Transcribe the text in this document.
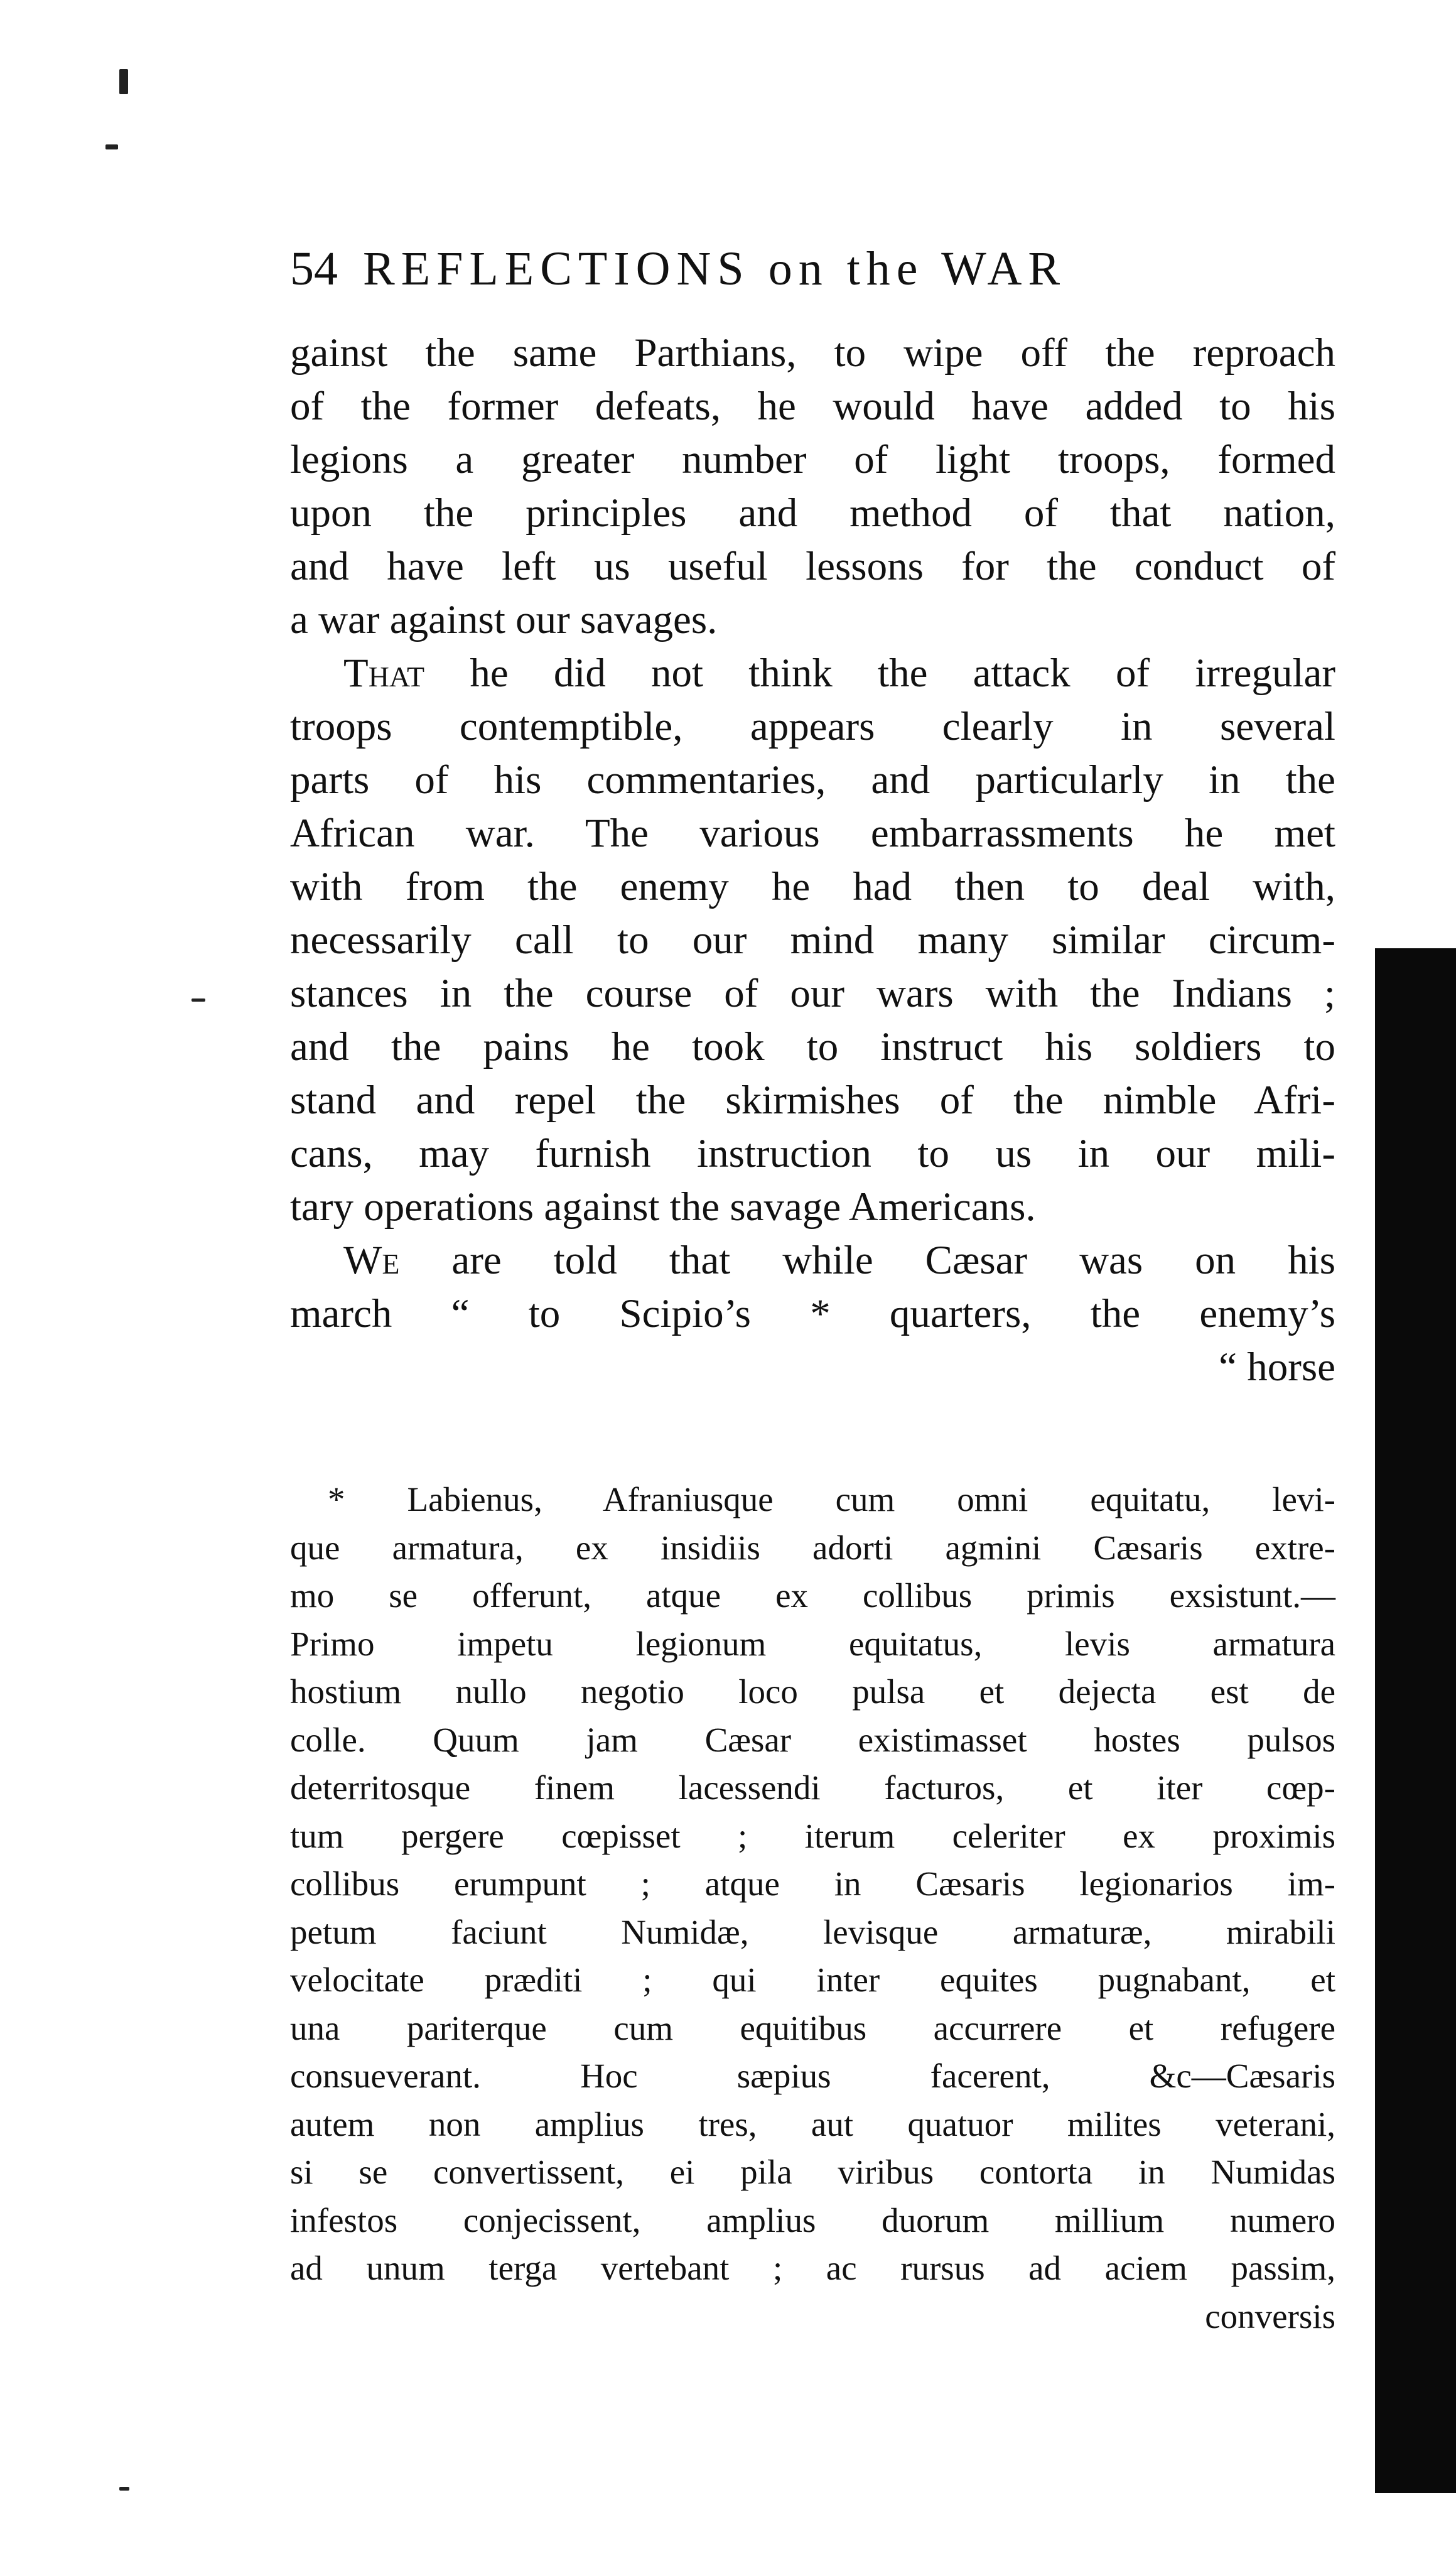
54 REFLECTIONS on the WAR
gainst the same Parthians, to wipe off the reproach
of the former defeats, he would have added to his
legions a greater number of light troops, formed
upon the principles and method of that nation,
and have left us useful lessons for the conduct of
a war against our savages.
That he did not think the attack of irregular
troops contemptible, appears clearly in several
parts of his commentaries, and particularly in the
African war. The various embarrassments he met
with from the enemy he had then to deal with,
necessarily call to our mind many similar circum-
stances in the course of our wars with the Indians ;
and the pains he took to instruct his soldiers to
stand and repel the skirmishes of the nimble Afri-
cans, may furnish instruction to us in our mili-
tary operations against the savage Americans.
We are told that while Cæsar was on his
march “ to Scipio’s * quarters, the enemy’s
“ horse
* Labienus, Afraniusque cum omni equitatu, levi-
que armatura, ex insidiis adorti agmini Cæsaris extre-
mo se offerunt, atque ex collibus primis exsistunt.—
Primo impetu legionum equitatus, levis armatura
hostium nullo negotio loco pulsa et dejecta est de
colle. Quum jam Cæsar existimasset hostes pulsos
deterritosque finem lacessendi facturos, et iter cœp-
tum pergere cœpisset ; iterum celeriter ex proximis
collibus erumpunt ; atque in Cæsaris legionarios im-
petum faciunt Numidæ, levisque armaturæ, mirabili
velocitate præditi ; qui inter equites pugnabant, et
una pariterque cum equitibus accurrere et refugere
consueverant. Hoc sæpius facerent, &c—Cæsaris
autem non amplius tres, aut quatuor milites veterani,
si se convertissent, ei pila viribus contorta in Numidas
infestos conjecissent, amplius duorum millium numero
ad unum terga vertebant ; ac rursus ad aciem passim,
conversis
